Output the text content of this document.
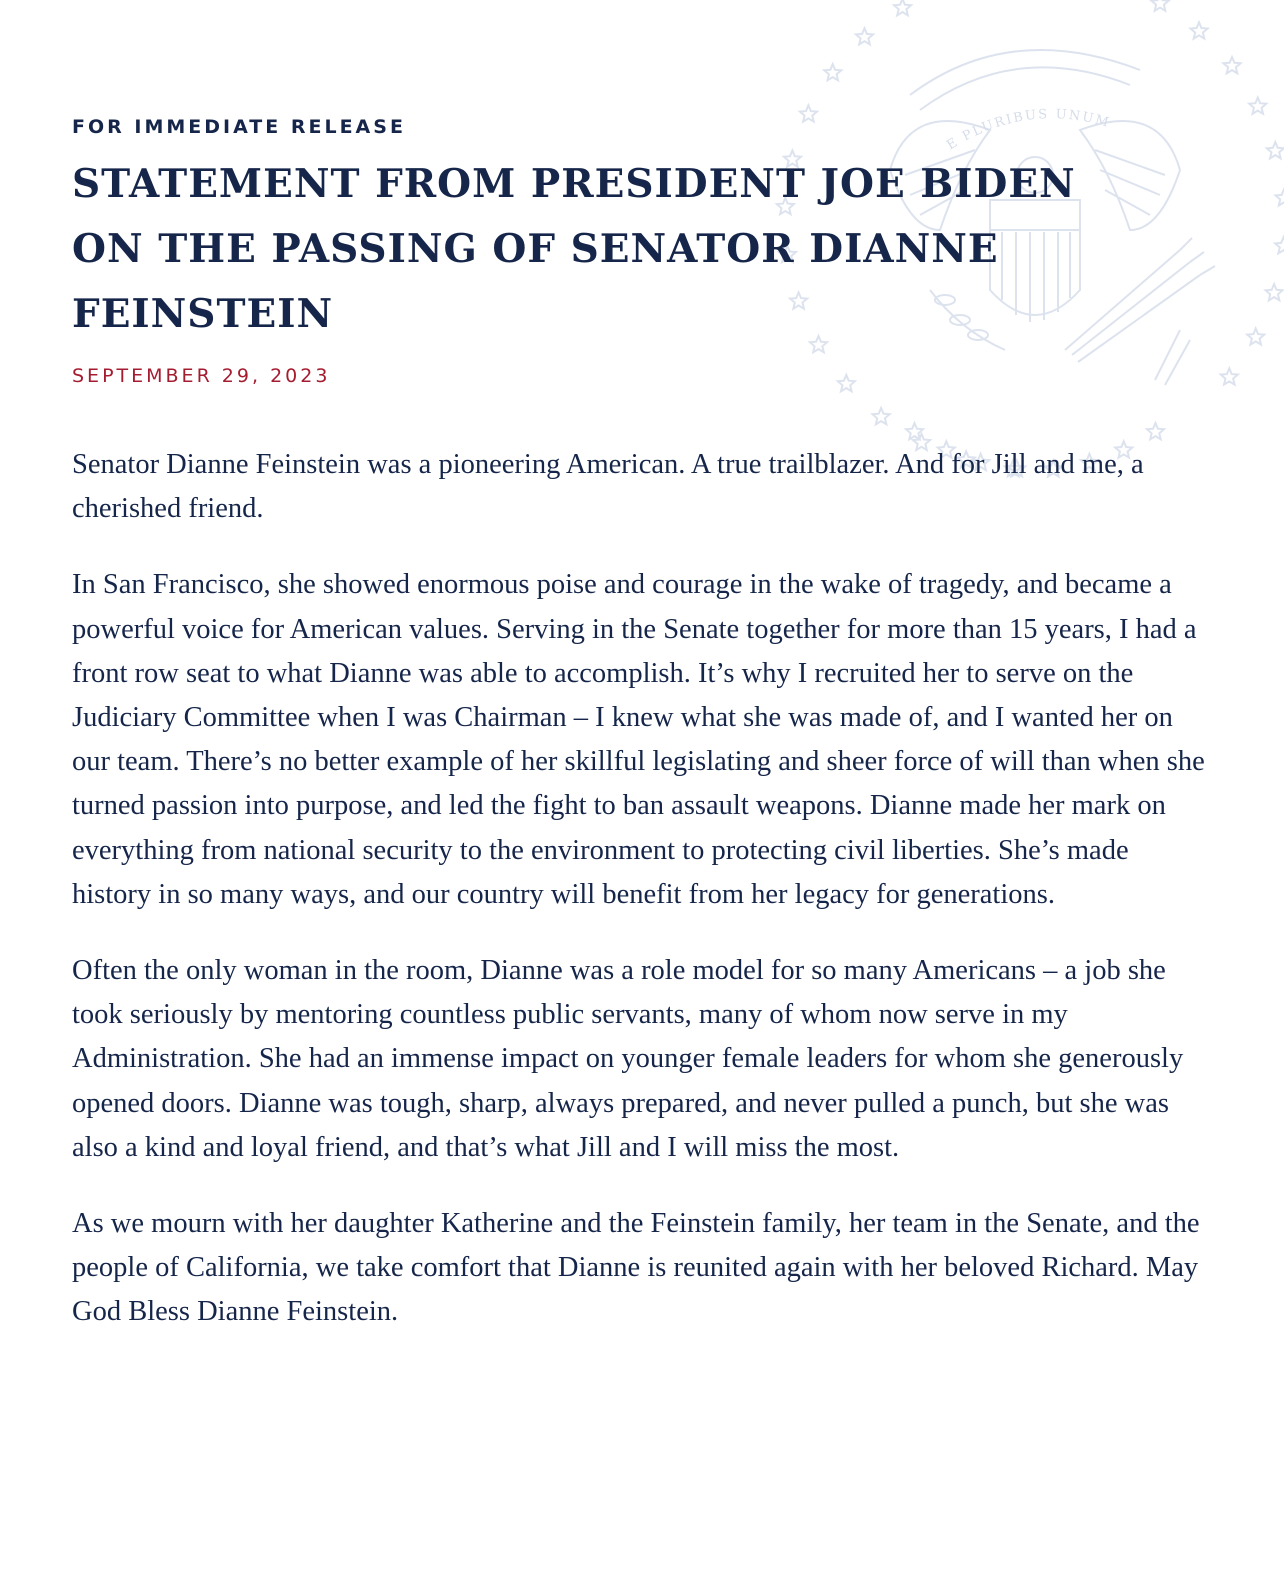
E PLURIBUS UNUM

FOR IMMEDIATE RELEASE

STATEMENT FROM PRESIDENT JOE BIDEN
ON THE PASSING OF SENATOR DIANNE
FEINSTEIN

SEPTEMBER 29, 2023

Senator Dianne Feinstein was a pioneering American. A true trailblazer. And for Jill and me, a cherished friend.

In San Francisco, she showed enormous poise and courage in the wake of tragedy, and became a powerful voice for American values. Serving in the Senate together for more than 15 years, I had a front row seat to what Dianne was able to accomplish. It’s why I recruited her to serve on the Judiciary Committee when I was Chairman – I knew what she was made of, and I wanted her on our team. There’s no better example of her skillful legislating and sheer force of will than when she turned passion into purpose, and led the fight to ban assault weapons. Dianne made her mark on everything from national security to the environment to protecting civil liberties. She’s made history in so many ways, and our country will benefit from her legacy for generations.

Often the only woman in the room, Dianne was a role model for so many Americans – a job she took seriously by mentoring countless public servants, many of whom now serve in my Administration. She had an immense impact on younger female leaders for whom she generously opened doors. Dianne was tough, sharp, always prepared, and never pulled a punch, but she was also a kind and loyal friend, and that’s what Jill and I will miss the most.

As we mourn with her daughter Katherine and the Feinstein family, her team in the Senate, and the people of California, we take comfort that Dianne is reunited again with her beloved Richard. May God Bless Dianne Feinstein.
